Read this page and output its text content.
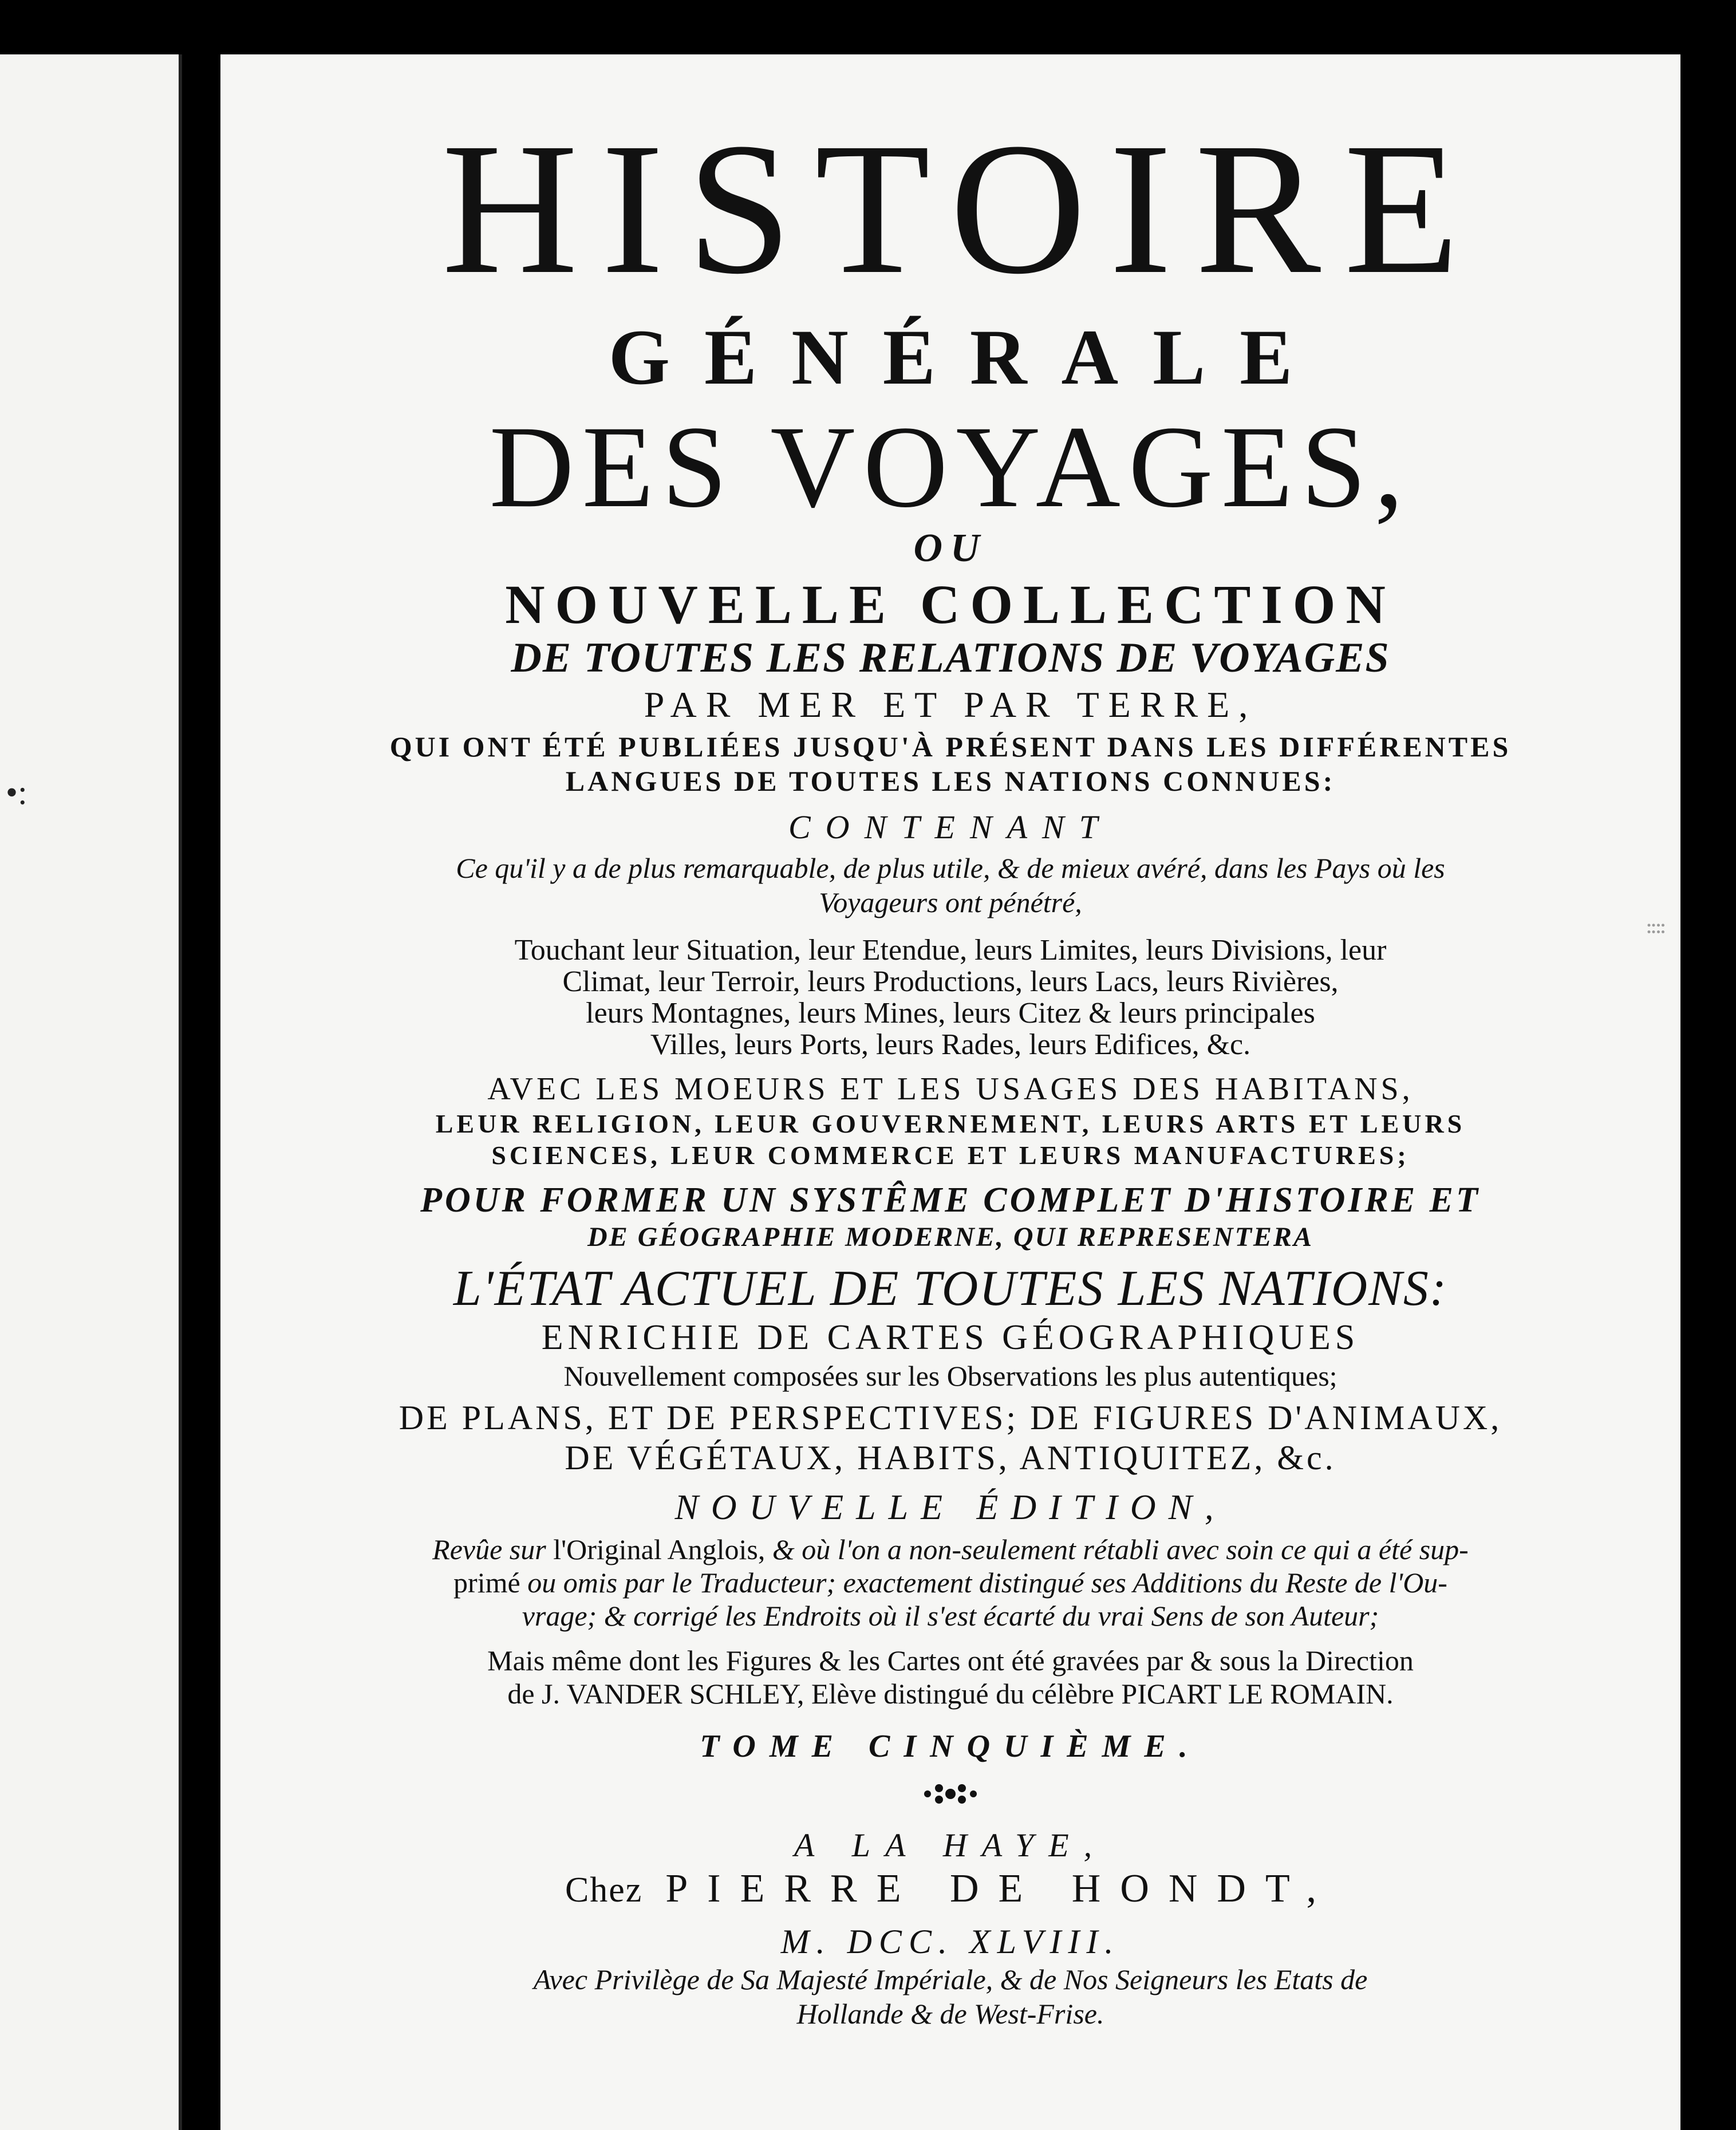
•:
⁞⁞
HISTOIRE
GÉNÉRALE
DES VOYAGES,
OU
NOUVELLE COLLECTION
DE TOUTES LES RELATIONS DE VOYAGES
PAR MER ET PAR TERRE,
QUI ONT ÉTÉ PUBLIÉES JUSQU'À PRÉSENT DANS LES DIFFÉRENTES
LANGUES DE TOUTES LES NATIONS CONNUES:
CONTENANT
Ce qu'il y a de plus remarquable, de plus utile, & de mieux avéré, dans les Pays où les
Voyageurs ont pénétré,
Touchant leur Situation, leur Etendue, leurs Limites, leurs Divisions, leur
Climat, leur Terroir, leurs Productions, leurs Lacs, leurs Rivières,
leurs Montagnes, leurs Mines, leurs Citez & leurs principales
Villes, leurs Ports, leurs Rades, leurs Edifices, &c.
AVEC LES MOEURS ET LES USAGES DES HABITANS,
LEUR RELIGION, LEUR GOUVERNEMENT, LEURS ARTS ET LEURS
SCIENCES, LEUR COMMERCE ET LEURS MANUFACTURES;
POUR FORMER UN SYSTÊME COMPLET D'HISTOIRE ET
DE GÉOGRAPHIE MODERNE, QUI REPRESENTERA
L'ÉTAT ACTUEL DE TOUTES LES NATIONS:
ENRICHIE DE CARTES GÉOGRAPHIQUES
Nouvellement composées sur les Observations les plus autentiques;
DE PLANS, ET DE PERSPECTIVES; DE FIGURES D'ANIMAUX,
DE VÉGÉTAUX, HABITS, ANTIQUITEZ, &c.
NOUVELLE ÉDITION,
Revûe sur l'Original Anglois, & où l'on a non-seulement rétabli avec soin ce qui a été sup-
primé ou omis par le Traducteur; exactement distingué ses Additions du Reste de l'Ou-
vrage; & corrigé les Endroits où il s'est écarté du vrai Sens de son Auteur;
Mais même dont les Figures & les Cartes ont été gravées par & sous la Direction
de J. VANDER SCHLEY, Elève distingué du célèbre PICART LE ROMAIN.
TOME CINQUIÈME.
A LA HAYE,
Chez PIERRE DE HONDT,
M. DCC. XLVIII.
Avec Privilège de Sa Majesté Impériale, & de Nos Seigneurs les Etats de
Hollande & de West-Frise.
